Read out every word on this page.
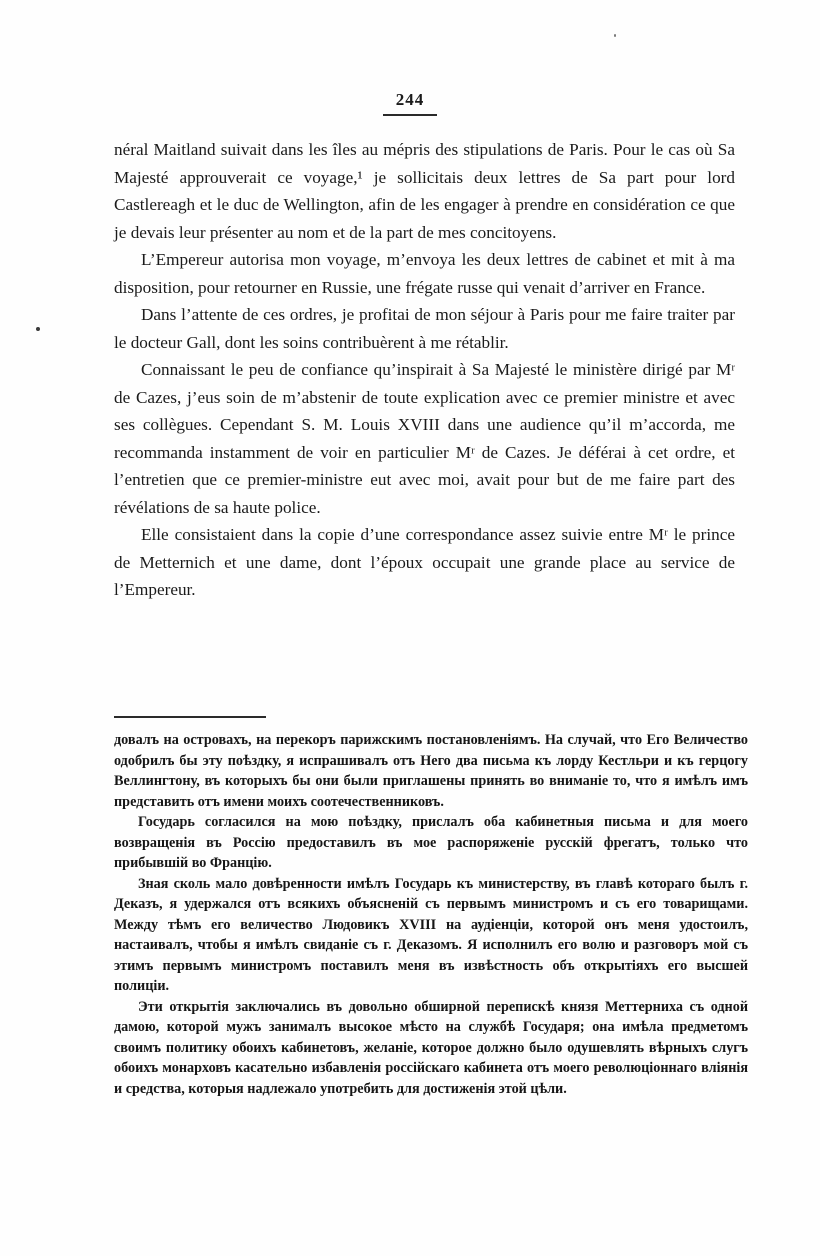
244

néral Maitland suivait dans les îles au mépris des stipulations de Paris. Pour le cas où Sa Majesté approuverait ce voyage,¹ je sollicitais deux lettres de Sa part pour lord Castlereagh et le duc de Wellington, afin de les engager à prendre en considération ce que je devais leur présenter au nom et de la part de mes concitoyens.

L’Empereur autorisa mon voyage, m’envoya les deux lettres de cabinet et mit à ma disposition, pour retourner en Russie, une frégate russe qui venait d’arriver en France.

Dans l’attente de ces ordres, je profitai de mon séjour à Paris pour me faire traiter par le docteur Gall, dont les soins contribuèrent à me rétablir.

Connaissant le peu de confiance qu’inspirait à Sa Majesté le ministère dirigé par Mʳ de Cazes, j’eus soin de m’abstenir de toute explication avec ce premier ministre et avec ses collègues. Cependant S. M. Louis XVIII dans une audience qu’il m’accorda, me recommanda instamment de voir en particulier Mʳ de Cazes. Je déférai à cet ordre, et l’entretien que ce premier-ministre eut avec moi, avait pour but de me faire part des révélations de sa haute police.

Elle consistaient dans la copie d’une correspondance assez suivie entre Mʳ le prince de Metternich et une dame, dont l’époux occupait une grande place au service de l’Empereur.

довалъ на островахъ, на перекоръ парижскимъ постановленіямъ. На случай, что Его Величество одобрилъ бы эту поѣздку, я испрашивалъ отъ Него два письма къ лорду Кестльри и къ герцогу Веллингтону, въ которыхъ бы они были приглашены принять во вниманіе то, что я имѣлъ имъ представить отъ имени моихъ соотечественниковъ.

Государь согласился на мою поѣздку, прислалъ оба кабинетныя письма и для моего возвращенія въ Россію предоставилъ въ мое распоряженіе русскій фрегатъ, только что прибывшій во Францію.

Зная сколь мало довѣренности имѣлъ Государь къ министерству, въ главѣ котораго былъ г. Деказъ, я удержался отъ всякихъ объясненій съ первымъ министромъ и съ его товарищами. Между тѣмъ его величество Людовикъ XVIII на аудіенціи, которой онъ меня удостоилъ, настаивалъ, чтобы я имѣлъ свиданіе съ г. Деказомъ. Я исполнилъ его волю и разговоръ мой съ этимъ первымъ министромъ поставилъ меня въ извѣстность объ открытіяхъ его высшей полиціи.

Эти открытія заключались въ довольно обширной перепискѣ князя Меттерниха съ одной дамою, которой мужъ занималъ высокое мѣсто на службѣ Государя; она имѣла предметомъ своимъ политику обоихъ кабинетовъ, желаніе, которое должно было одушевлять вѣрныхъ слугъ обоихъ монарховъ касательно избавленія россійскаго кабинета отъ моего революціоннаго вліянія и средства, которыя надлежало употребить для достиженія этой цѣли.
